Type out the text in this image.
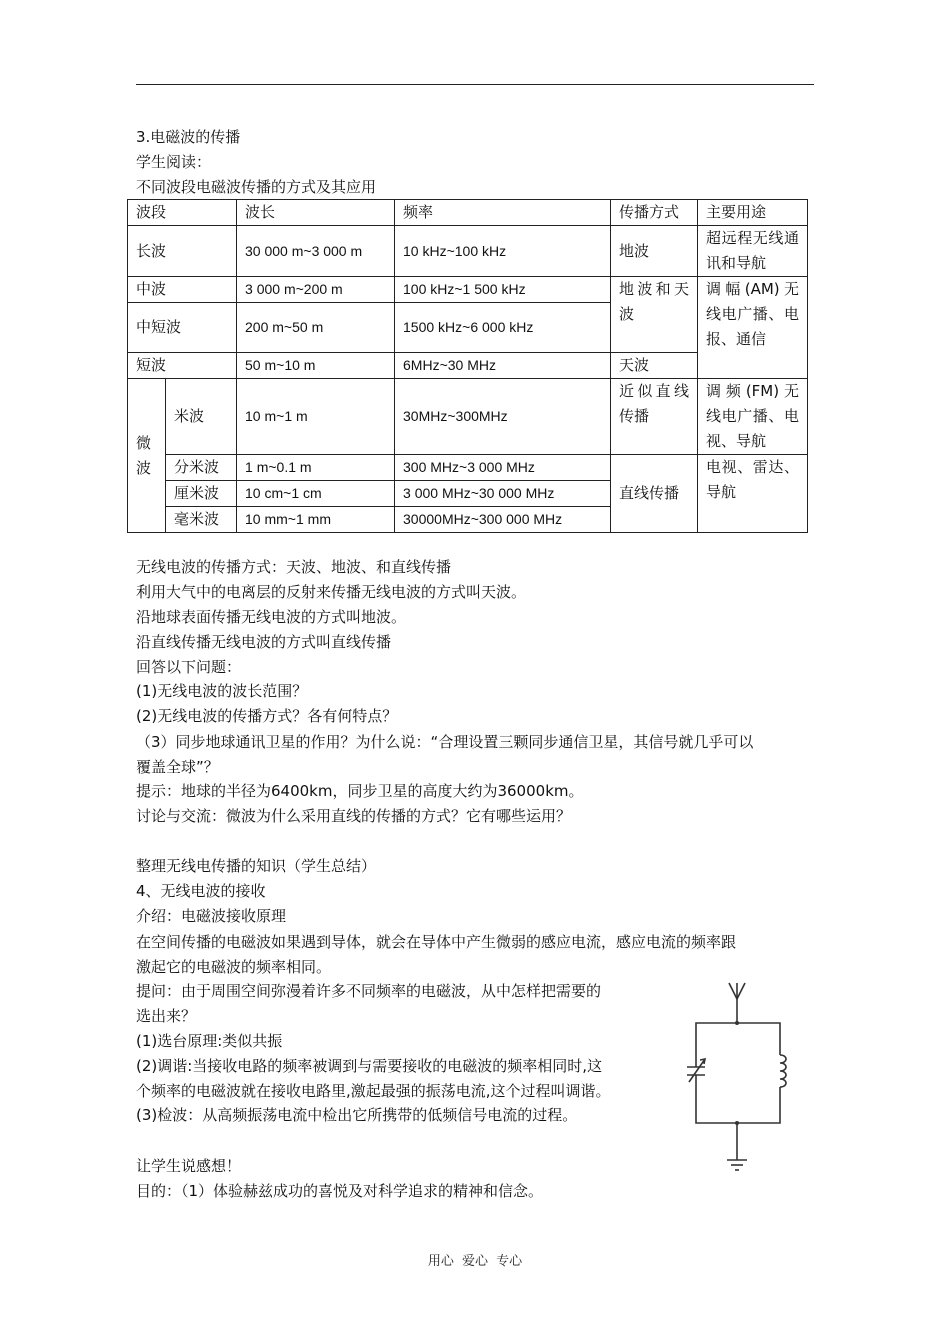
3.电磁波的传播
学生阅读：
不同波段电磁波传播的方式及其应用
波段		波长	频率	传播方式	主要用途
长波		30 000 m~3 000 m	10 kHz~100 kHz	地波	超远程无线通讯和导航
中波		3 000 m~200 m	100 kHz~1 500 kHz	地波和天波	调幅(AM)无线电广播、电报、通信
中短波		200 m~50 m	1500 kHz~6 000 kHz		
短波		50 m~10 m	6MHz~30 MHz	天波	
微波	米波	10 m~1 m	30MHz~300MHz	近似直线传播	调频(FM)无线电广播、电视、导航
	分米波	1 m~0.1 m	300 MHz~3 000 MHz	直线传播	电视、雷达、导航
	厘米波	10 cm~1 cm	3 000 MHz~30 000 MHz		
	毫米波	10 mm~1 mm	30000MHz~300 000 MHz		
无线电波的传播方式：天波、地波、和直线传播
利用大气中的电离层的反射来传播无线电波的方式叫天波。
沿地球表面传播无线电波的方式叫地波。
沿直线传播无线电波的方式叫直线传播
回答以下问题：
(1)无线电波的波长范围？
(2)无线电波的传播方式？各有何特点？
（3）同步地球通讯卫星的作用？为什么说：“合理设置三颗同步通信卫星，其信号就几乎可以
覆盖全球”？
提示：地球的半径为6400km，同步卫星的高度大约为36000km。
讨论与交流：微波为什么采用直线的传播的方式？它有哪些运用？
整理无线电传播的知识（学生总结）
4、无线电波的接收
介绍：电磁波接收原理
在空间传播的电磁波如果遇到导体，就会在导体中产生微弱的感应电流，感应电流的频率跟
激起它的电磁波的频率相同。
提问：由于周围空间弥漫着许多不同频率的电磁波，从中怎样把需要的
选出来？
(1)选台原理:类似共振
(2)调谐:当接收电路的频率被调到与需要接收的电磁波的频率相同时,这
个频率的电磁波就在接收电路里,激起最强的振荡电流,这个过程叫调谐。
(3)检波：从高频振荡电流中检出它所携带的低频信号电流的过程。
让学生说感想！
目的：（1）体验赫兹成功的喜悦及对科学追求的精神和信念。
用心 爱心 专心
